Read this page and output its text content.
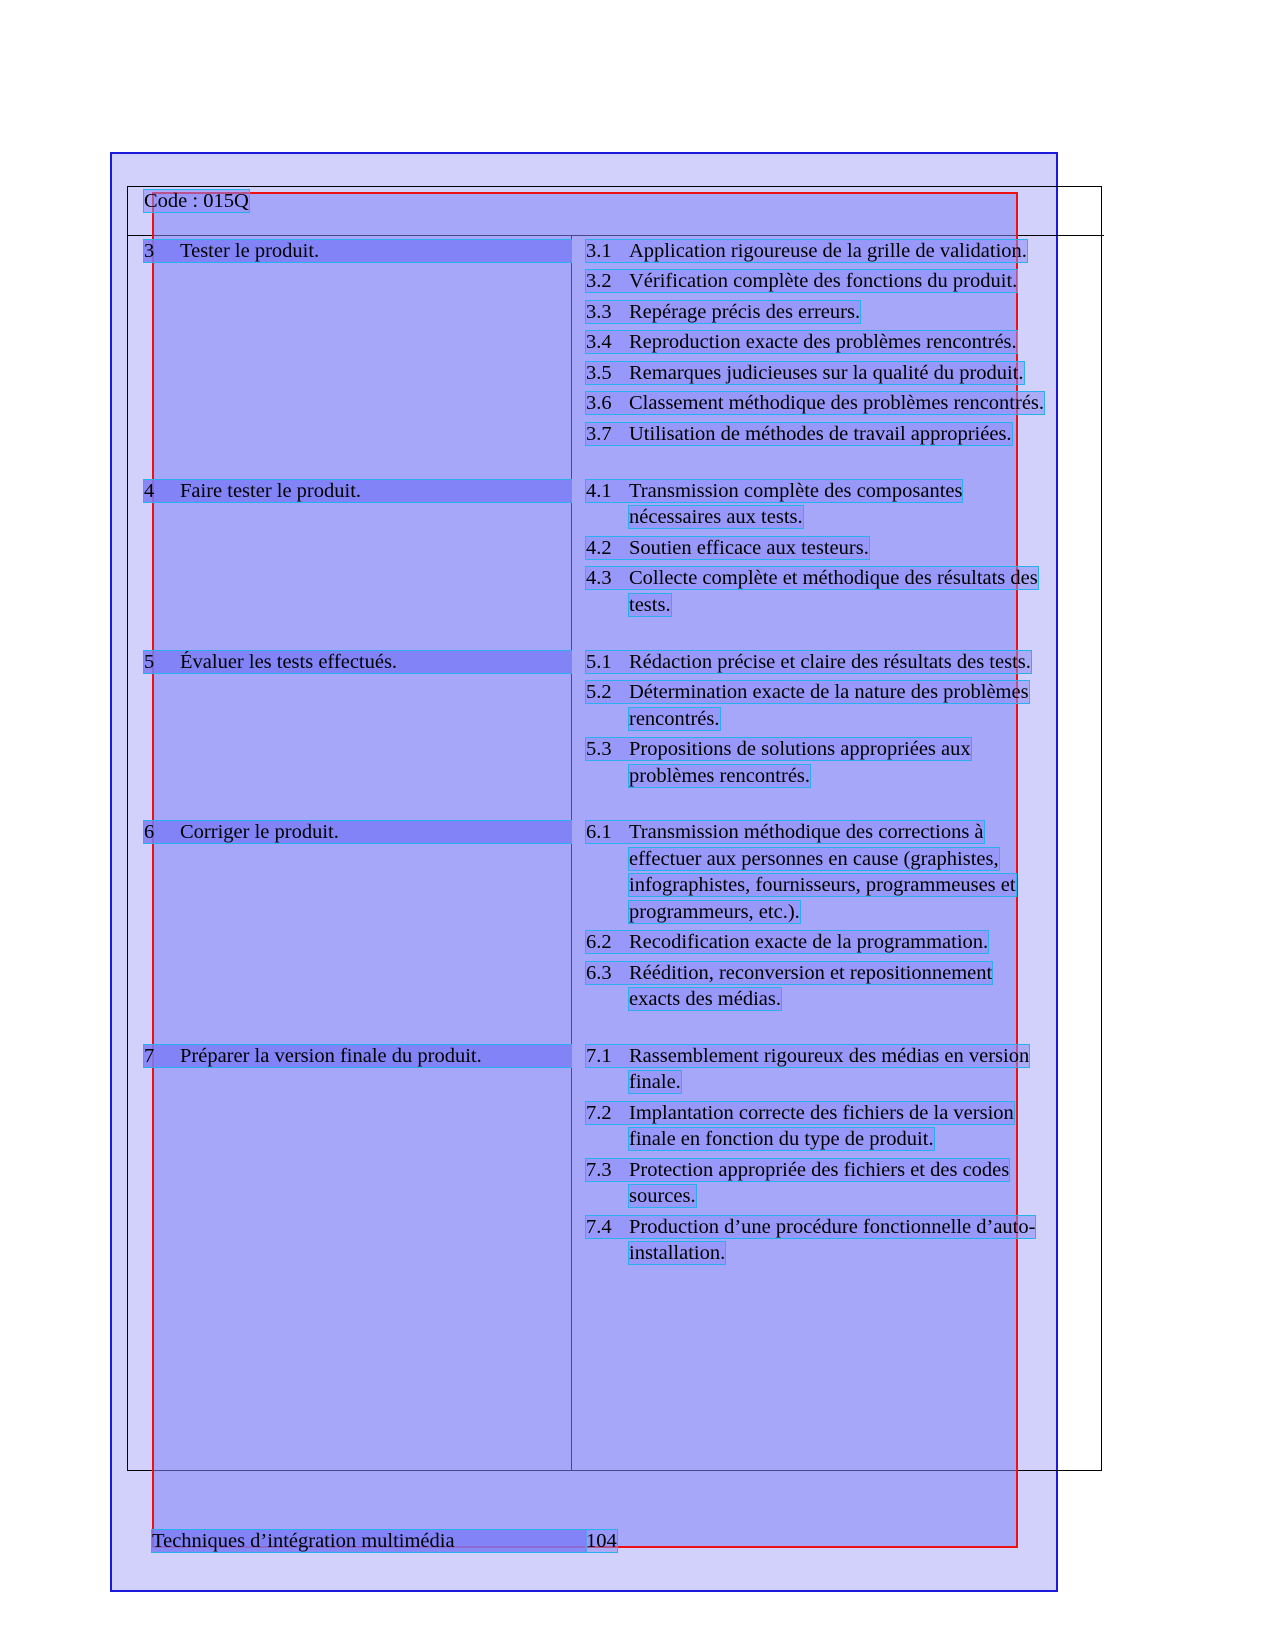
Code : 015Q
3 Tester le produit.
4 Faire tester le produit.
5 Évaluer les tests effectués.
6 Corriger le produit.
7 Préparer la version finale du produit.
3.1 Application rigoureuse de la grille de validation.
3.2 Vérification complète des fonctions du produit.
3.3 Repérage précis des erreurs.
3.4 Reproduction exacte des problèmes rencontrés.
3.5 Remarques judicieuses sur la qualité du produit.
3.6 Classement méthodique des problèmes rencontrés.
3.7 Utilisation de méthodes de travail appropriées.
4.1 Transmission complète des composantes
nécessaires aux tests.
4.2 Soutien efficace aux testeurs.
4.3 Collecte complète et méthodique des résultats des
tests.
5.1 Rédaction précise et claire des résultats des tests.
5.2 Détermination exacte de la nature des problèmes
rencontrés.
5.3 Propositions de solutions appropriées aux
problèmes rencontrés.
6.1 Transmission méthodique des corrections à
effectuer aux personnes en cause (graphistes,
infographistes, fournisseurs, programmeuses et
programmeurs, etc.).
6.2 Recodification exacte de la programmation.
6.3 Réédition, reconversion et repositionnement
exacts des médias.
7.1 Rassemblement rigoureux des médias en version
finale.
7.2 Implantation correcte des fichiers de la version
finale en fonction du type de produit.
7.3 Protection appropriée des fichiers et des codes
sources.
7.4 Production d’une procédure fonctionnelle d’auto-
installation.
Techniques d’intégration multimédia	104
